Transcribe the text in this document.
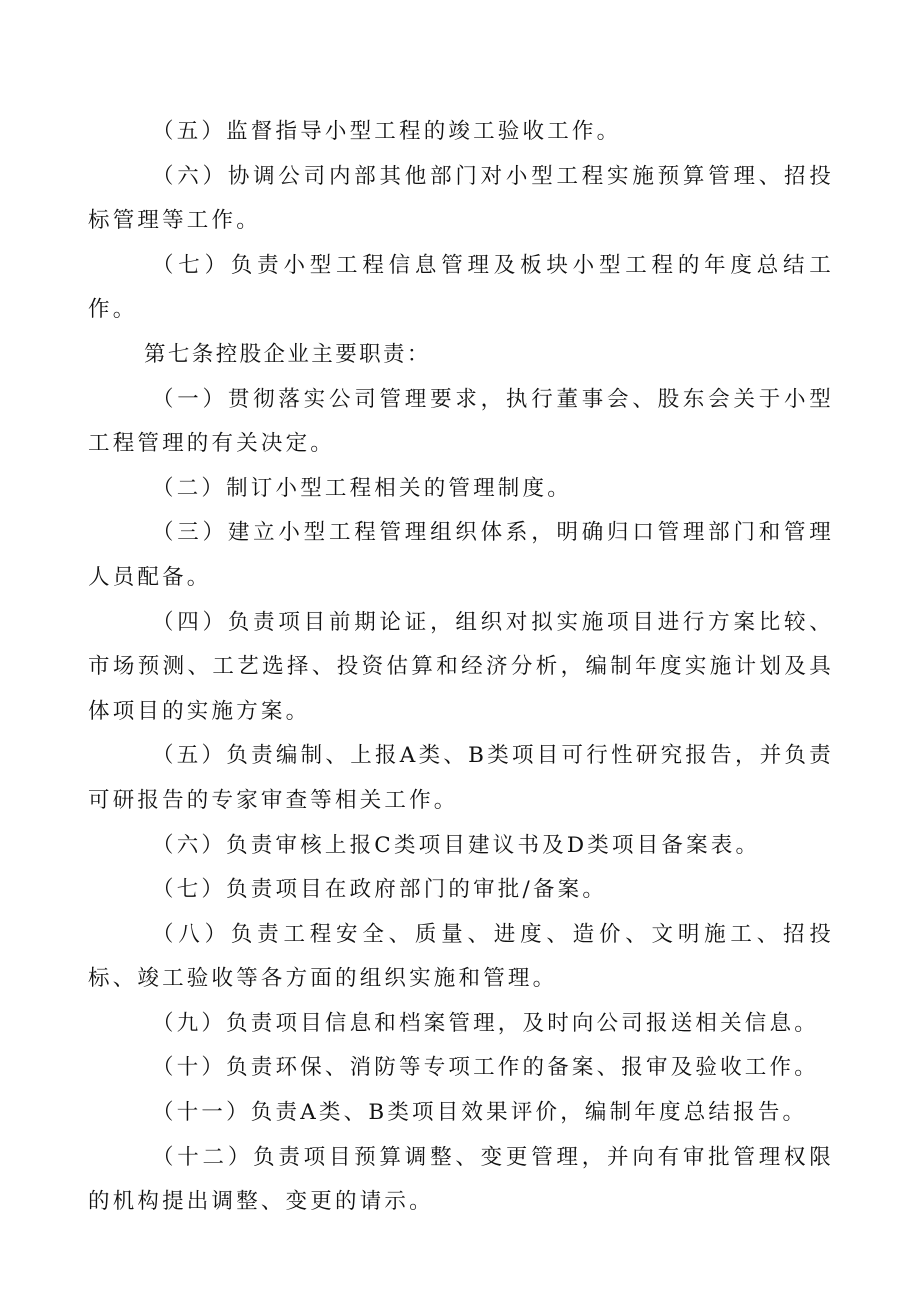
（五）监督指导小型工程的竣工验收工作。

（六）协调公司内部其他部门对小型工程实施预算管理、招投标管理等工作。

（七）负责小型工程信息管理及板块小型工程的年度总结工作。

第七条控股企业主要职责：

（一）贯彻落实公司管理要求，执行董事会、股东会关于小型工程管理的有关决定。

（二）制订小型工程相关的管理制度。

（三）建立小型工程管理组织体系，明确归口管理部门和管理人员配备。

（四）负责项目前期论证，组织对拟实施项目进行方案比较、市场预测、工艺选择、投资估算和经济分析，编制年度实施计划及具体项目的实施方案。

（五）负责编制、上报A类、B类项目可行性研究报告，并负责可研报告的专家审查等相关工作。

（六）负责审核上报C类项目建议书及D类项目备案表。

（七）负责项目在政府部门的审批/备案。

（八）负责工程安全、质量、进度、造价、文明施工、招投标、竣工验收等各方面的组织实施和管理。

（九）负责项目信息和档案管理，及时向公司报送相关信息。

（十）负责环保、消防等专项工作的备案、报审及验收工作。

（十一）负责A类、B类项目效果评价，编制年度总结报告。

（十二）负责项目预算调整、变更管理，并向有审批管理权限的机构提出调整、变更的请示。
